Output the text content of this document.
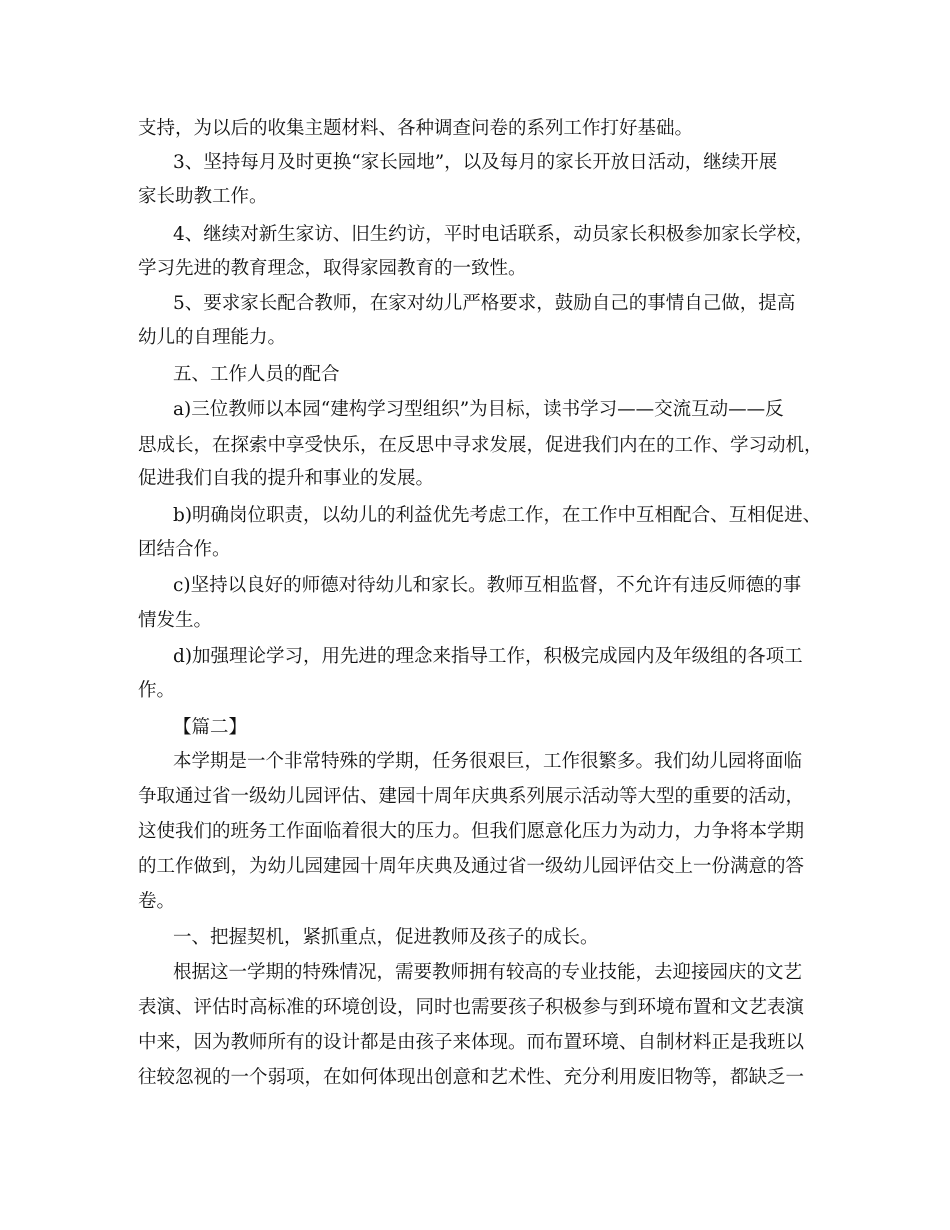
支持，为以后的收集主题材料、各种调查问卷的系列工作打好基础。
3、坚持每月及时更换“家长园地”，以及每月的家长开放日活动，继续开展
家长助教工作。
4、继续对新生家访、旧生约访，平时电话联系，动员家长积极参加家长学校，
学习先进的教育理念，取得家园教育的一致性。
5、要求家长配合教师，在家对幼儿严格要求，鼓励自己的事情自己做，提高
幼儿的自理能力。
五、工作人员的配合
a)三位教师以本园“建构学习型组织”为目标，读书学习——交流互动——反
思成长，在探索中享受快乐，在反思中寻求发展，促进我们内在的工作、学习动机，
促进我们自我的提升和事业的发展。
b)明确岗位职责，以幼儿的利益优先考虑工作，在工作中互相配合、互相促进、
团结合作。
c)坚持以良好的师德对待幼儿和家长。教师互相监督，不允许有违反师德的事
情发生。
d)加强理论学习，用先进的理念来指导工作，积极完成园内及年级组的各项工
作。
【篇二】
本学期是一个非常特殊的学期，任务很艰巨，工作很繁多。我们幼儿园将面临
争取通过省一级幼儿园评估、建园十周年庆典系列展示活动等大型的重要的活动，
这使我们的班务工作面临着很大的压力。但我们愿意化压力为动力，力争将本学期
的工作做到，为幼儿园建园十周年庆典及通过省一级幼儿园评估交上一份满意的答
卷。
一、把握契机，紧抓重点，促进教师及孩子的成长。
根据这一学期的特殊情况，需要教师拥有较高的专业技能，去迎接园庆的文艺
表演、评估时高标准的环境创设，同时也需要孩子积极参与到环境布置和文艺表演
中来，因为教师所有的设计都是由孩子来体现。而布置环境、自制材料正是我班以
往较忽视的一个弱项，在如何体现出创意和艺术性、充分利用废旧物等，都缺乏一
